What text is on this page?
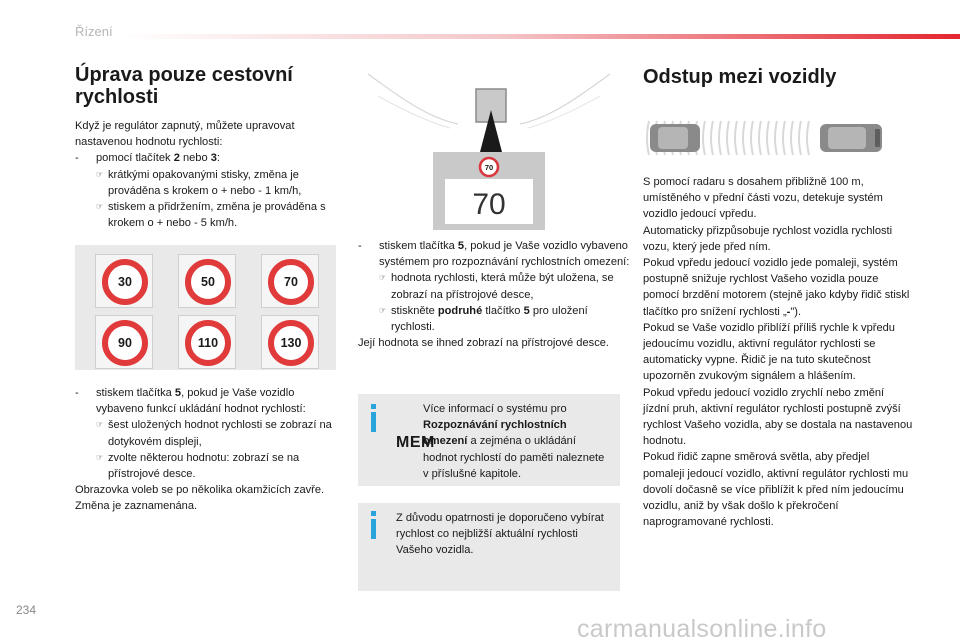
Řízení
Úprava pouze cestovní rychlosti
Když je regulátor zapnutý, můžete upravovat nastavenou hodnotu rychlosti:
- pomocí tlačítek 2 nebo 3:
☞ krátkými opakovanými stisky, změna je prováděna s krokem o + nebo - 1 km/h,
☞ stiskem a přidržením, změna je prováděna s krokem o + nebo - 5 km/h.
30	50	70
90	110	130
- stiskem tlačítka 5, pokud je Vaše vozidlo vybaveno funkcí ukládání hodnot rychlostí:
☞ šest uložených hodnot rychlosti se zobrazí na dotykovém displeji,
☞ zvolte některou hodnotu: zobrazí se na přístrojové desce.
Obrazovka voleb se po několika okamžicích zavře.
Změna je zaznamenána.
70
70
- stiskem tlačítka 5, pokud je Vaše vozidlo vybaveno systémem pro rozpoznávání rychlostních omezení:
☞ hodnota rychlosti, která může být uložena, se zobrazí na přístrojové desce,
☞ stiskněte podruhé tlačítko 5 pro uložení rychlosti.
Její hodnota se ihned zobrazí na přístrojové desce.
MEM
Více informací o systému pro Rozpoznávání rychlostních omezení a zejména o ukládání hodnot rychlostí do paměti naleznete v příslušné kapitole.
Z důvodu opatrnosti je doporučeno vybírat rychlost co nejbližší aktuální rychlosti Vašeho vozidla.
Odstup mezi vozidly
S pomocí radaru s dosahem přibližně 100 m, umístěného v přední části vozu, detekuje systém vozidlo jedoucí vpředu.
Automaticky přizpůsobuje rychlost vozidla rychlosti vozu, který jede před ním.
Pokud vpředu jedoucí vozidlo jede pomaleji, systém postupně snižuje rychlost Vašeho vozidla pouze pomocí brzdění motorem (stejně jako kdyby řidič stiskl tlačítko pro snížení rychlosti „-").
Pokud se Vaše vozidlo přiblíží příliš rychle k vpředu jedoucímu vozidlu, aktivní regulátor rychlosti se automaticky vypne. Řidič je na tuto skutečnost upozorněn zvukovým signálem a hlášením.
Pokud vpředu jedoucí vozidlo zrychlí nebo změní jízdní pruh, aktivní regulátor rychlosti postupně zvýší rychlost Vašeho vozidla, aby se dostala na nastavenou hodnotu.
Pokud řidič zapne směrová světla, aby předjel pomaleji jedoucí vozidlo, aktivní regulátor rychlosti mu dovolí dočasně se více přiblížit k před ním jedoucímu vozidlu, aniž by však došlo k překročení naprogramované rychlosti.
234
carmanualsonline.info
